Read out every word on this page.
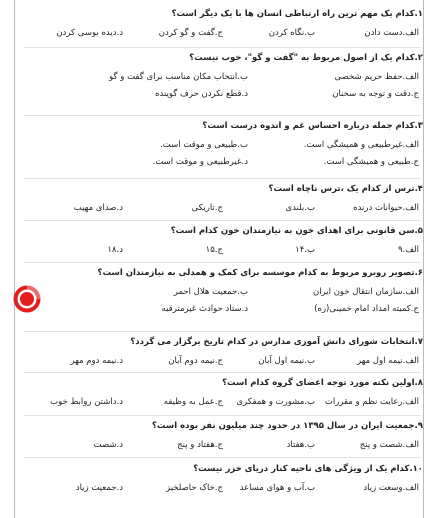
۱.کدام یک مهم ترین راه ارتباطی انسان ها با یک دیگر است؟
الف.دست دادن
ب.نگاه کردن
ج.گفت و گو کردن
د.دیده بوسی کردن
۲.کدام یک از اصول مربوط به "گفت و گو"، خوب نیست؟
الف.حفظ حریم شخصی
ب.انتخاب مکان مناسب برای گفت و گو
ج.دقت و توجه به سخنان
د.قطع نکردن حرف گوینده
۳.کدام جمله درباره احساس غم و اندوه درست است؟
الف.غیرطبیعی و همیشگی است.
ب.طبیعی و موقت است.
ج.طبیعی و همیشگی است.
د.غیرطبیعی و موقت است.
۴.ترس از کدام یک ،ترس ناچاه است؟
الف.حیوانات درنده
ب.بلندی
ج.تاریکی
د.صدای مهیب
۵.سن قانونی برای اهدای خون به نیازمندان خون کدام است؟
الف.۹
ب.۱۴
ج.۱۵
د.۱۸
۶.تصویر روبرو مربوط به کدام موسسه برای کمک و همدلی به نیازمندان است؟
الف.سازمان انتقال خون ایران
ب.جمعیت هلال احمر
ج.کمیته امداد امام خمینی(ره)
د.ستاد حوادث غیرمترقبه
۷.انتخابات شورای دانش آموزی مدارس در کدام تاریخ برگزار می گردد؟
الف.نیمه اول مهر
ب.نیمه اول آبان
ج.نیمه دوم آبان
د.نیمه دوم مهر
۸.اولین نکته مورد توجه اعضای گروه کدام است؟
الف.رعایت نظم و مقررات
ب.مشورت و همفکری
ج.عمل به وظیفه
د.داشتن روابط خوب
۹.جمعیت ایران در سال ۱۳۹۵ در حدود چند میلیون نفر بوده است؟
الف.شصت و پنج
ب.هفتاد
ج.هفتاد و پنج
د.شصت
۱۰.کدام یک از ویژگی های ناحیه کنار دریای خزر نیست؟
الف.وسعت زیاد
ب.آب و هوای مساعد
ج.خاک حاصلخیز
د.جمعیت زیاد
